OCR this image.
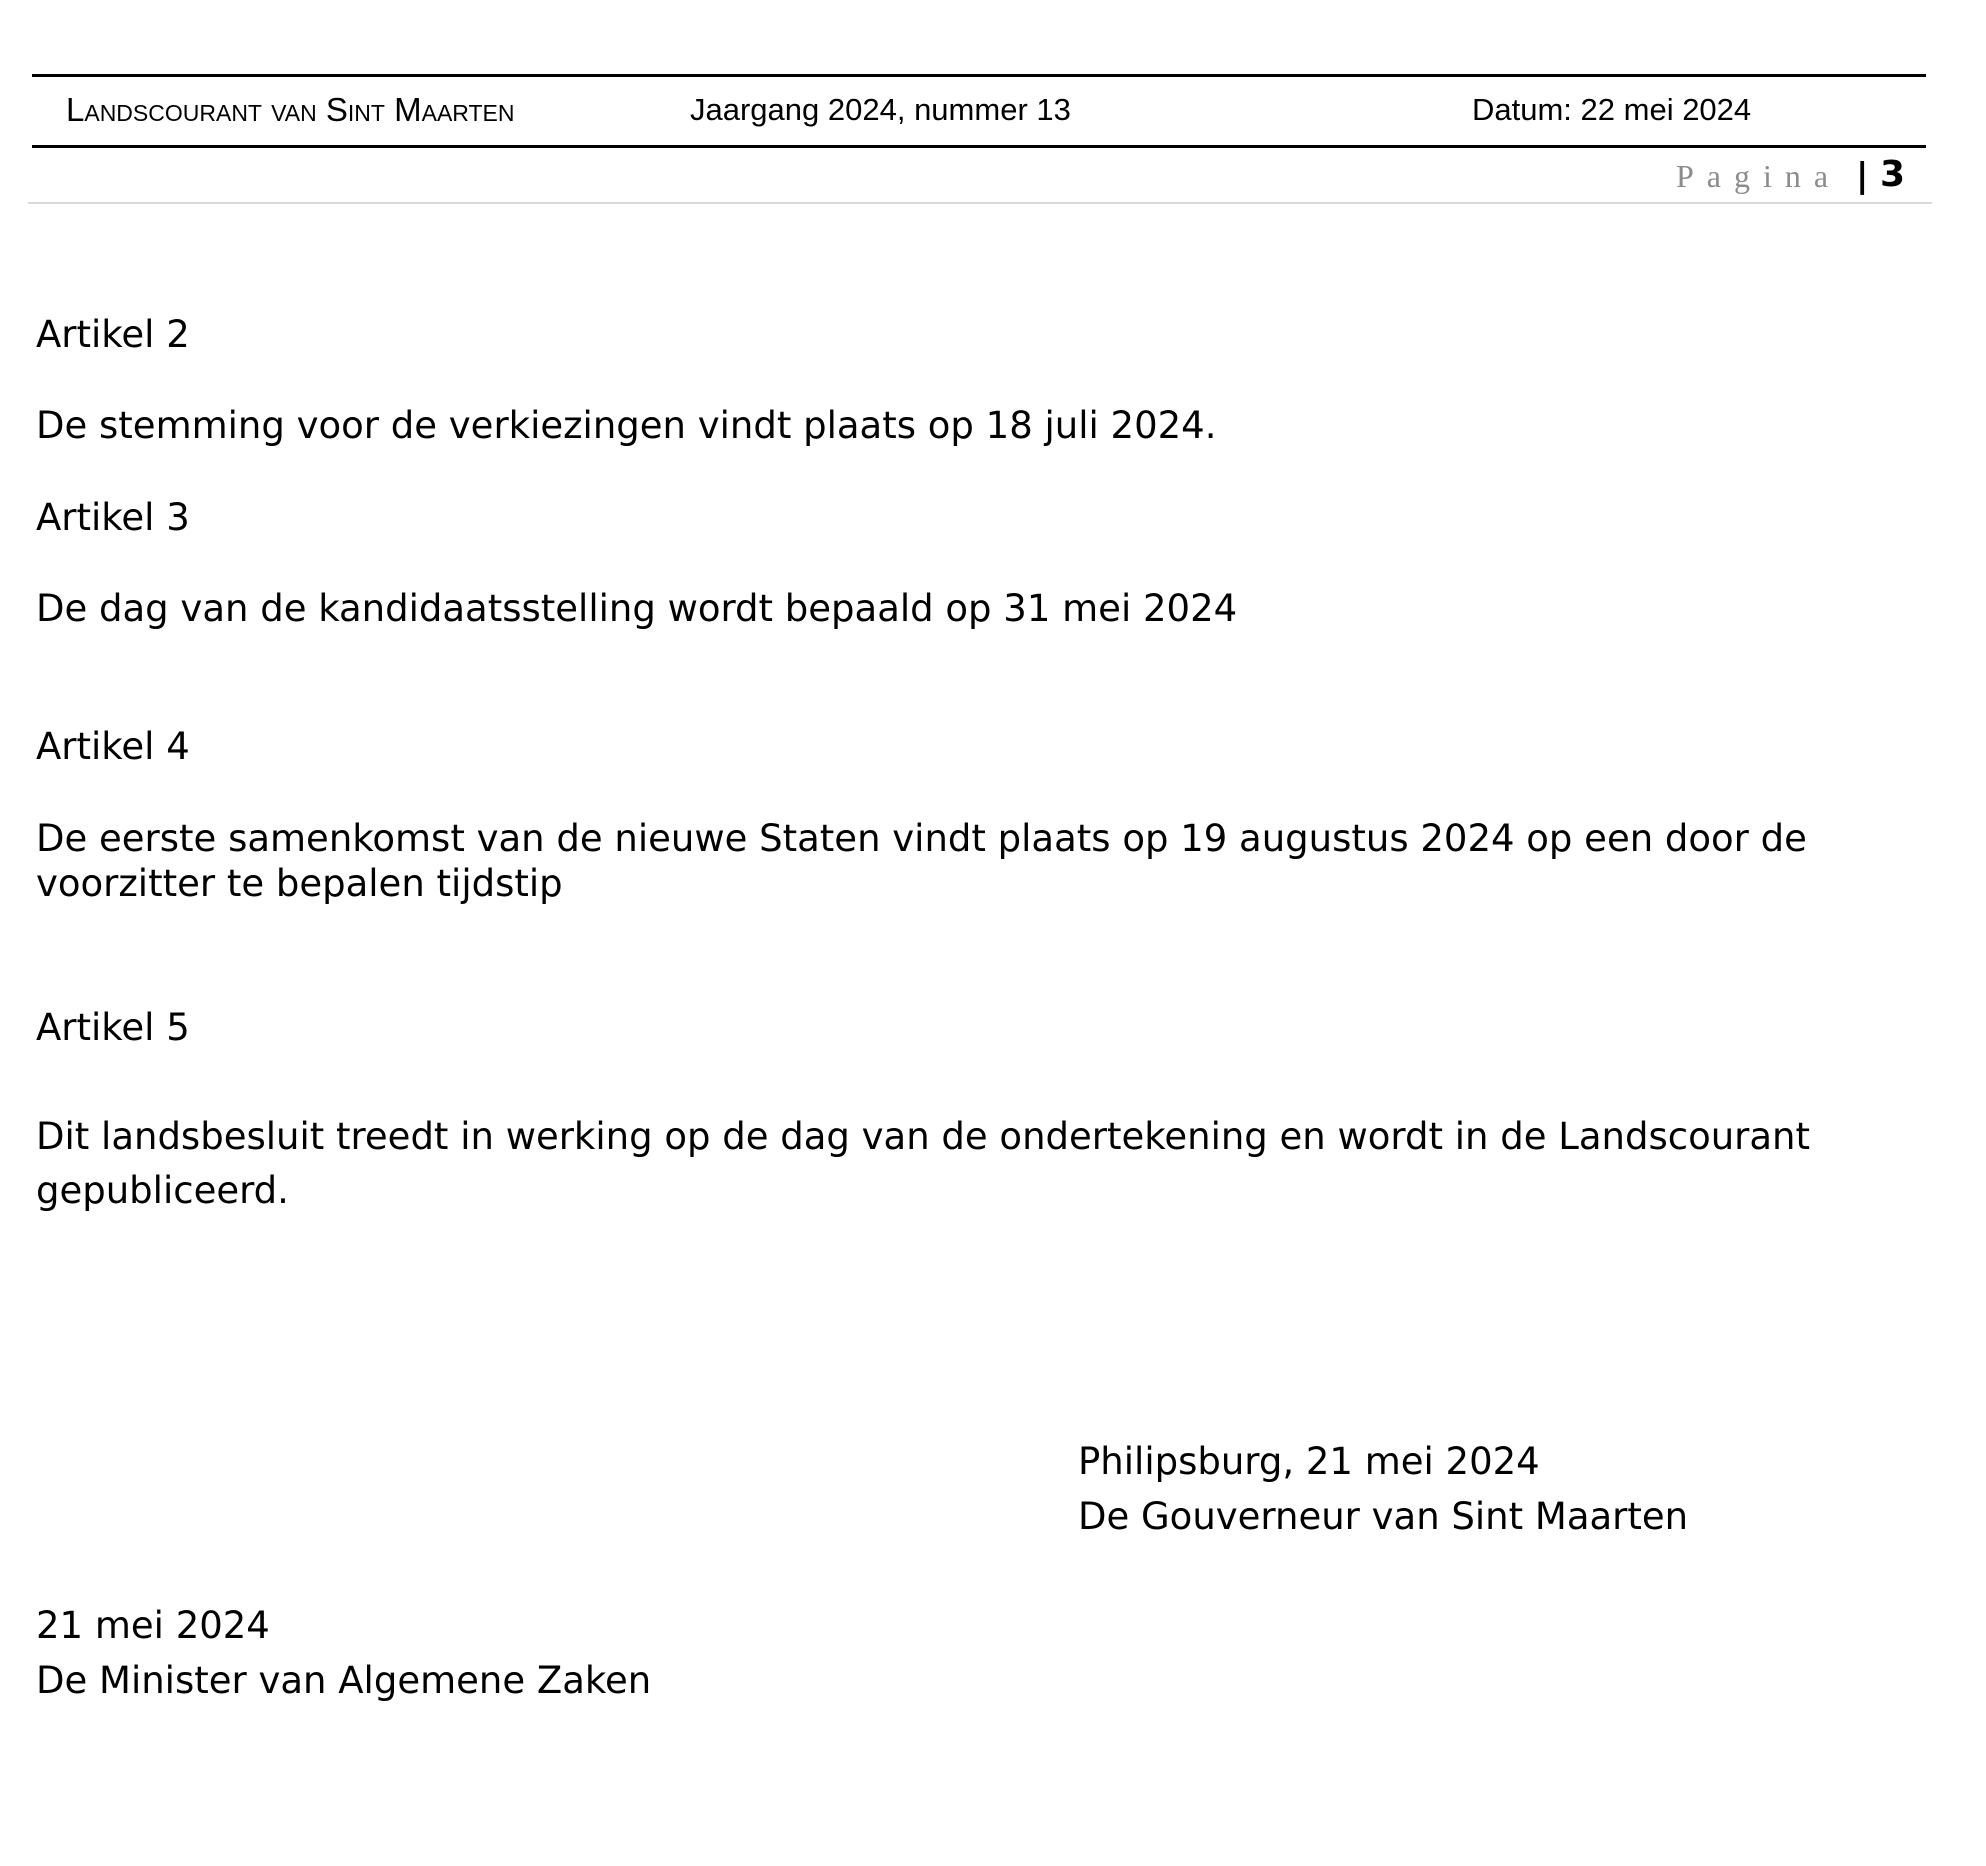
Landscourant van Sint Maarten	Jaargang 2024, nummer 13	Datum: 22 mei 2024
Pagina | 3
Artikel 2
De stemming voor de verkiezingen vindt plaats op 18 juli 2024.
Artikel 3
De dag van de kandidaatsstelling wordt bepaald op 31 mei 2024
Artikel 4
De eerste samenkomst van de nieuwe Staten vindt plaats op 19 augustus 2024 op een door de
voorzitter te bepalen tijdstip
Artikel 5
Dit landsbesluit treedt in werking op de dag van de ondertekening en wordt in de Landscourant
gepubliceerd.
Philipsburg, 21 mei 2024
De Gouverneur van Sint Maarten
21 mei 2024
De Minister van Algemene Zaken
